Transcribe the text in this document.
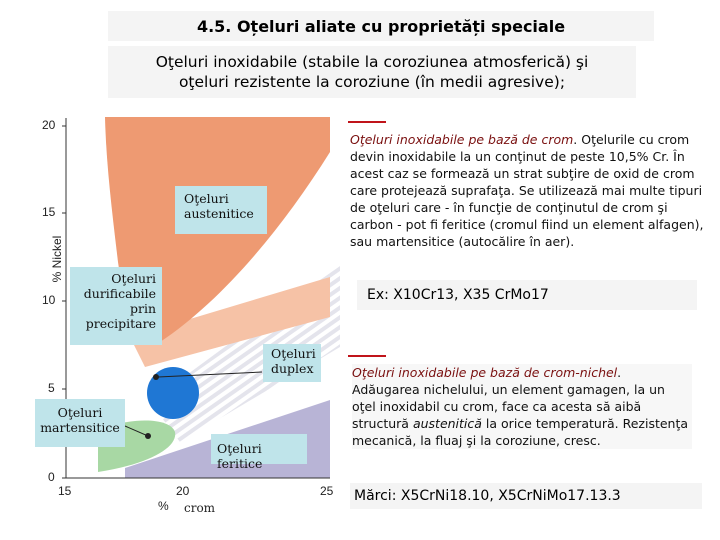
4.5. Oțeluri aliate cu proprietăți speciale
Oţeluri inoxidabile (stabile la coroziunea atmosferică) şi
oţeluri rezistente la coroziune (în medii agresive);
20
15
10
5
0
15	20	25
% Nickel
% crom
Oţeluri austenitice
Oţeluri durificabile prin precipitare
Oţeluri duplex
Oţeluri martensitice
Oţeluri feritice
Oţeluri inoxidabile pe bază de crom. Oţelurile cu crom devin inoxidabile la un conţinut de peste 10,5% Cr. În acest caz se formează un strat subţire de oxid de crom care protejează suprafaţa. Se utilizează mai multe tipuri de oţeluri care - în funcţie de conţinutul de crom şi carbon - pot fi feritice (cromul fiind un element alfagen), sau martensitice (autocălire în aer).
Ex: X10Cr13, X35 CrMo17
Oţeluri inoxidabile pe bază de crom-nichel. Adăugarea nichelului, un element gamagen, la un oţel inoxidabil cu crom, face ca acesta să aibă structură austenitică la orice temperatură. Rezistenţa mecanică, la fluaj şi la coroziune, cresc.
Mărci: X5CrNi18.10, X5CrNiMo17.13.3
